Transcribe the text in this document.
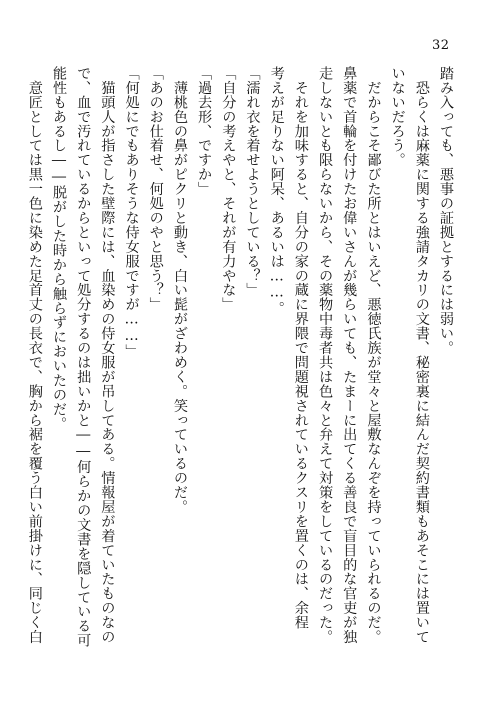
32
踏み入っても、悪事の証拠とするには弱い。
　恐らくは麻薬に関する強請タカリの文書、秘密裏に結んだ契約書類もあそこには置いて
いないだろう。
　だからこそ鄙びた所とはいえど、悪徳氏族が堂々と屋敷なんぞを持っていられるのだ。
鼻薬で首輪を付けたお偉いさんが幾らいても、たまーに出てくる善良で盲目的な官吏が独
走しないとも限らないから、その薬物中毒者共は色々と弁えて対策をしているのだった。
　それを加味すると、自分の家の蔵に界隈で問題視されているクスリを置くのは、余程
考えが足りない阿呆、あるいは……。
「濡れ衣を着せようとしている？」
「自分の考えやと、それが有力やな」
「過去形、ですか」
　薄桃色の鼻がピクリと動き、白い髭がざわめく。笑っているのだ。
「あのお仕着せ、何処のやと思う？」
「何処にでもありそうな侍女服ですが……」
　猫頭人が指さした壁際には、血染めの侍女服が吊してある。情報屋が着ていたものなの
で、血で汚れているからといって処分するのは拙いかと――何らかの文書を隠している可
能性もあるし――脱がした時から触らずにおいたのだ。
　意匠としては黒一色に染めた足首丈の長衣で、胸から裾を覆う白い前掛けに、同じく白
